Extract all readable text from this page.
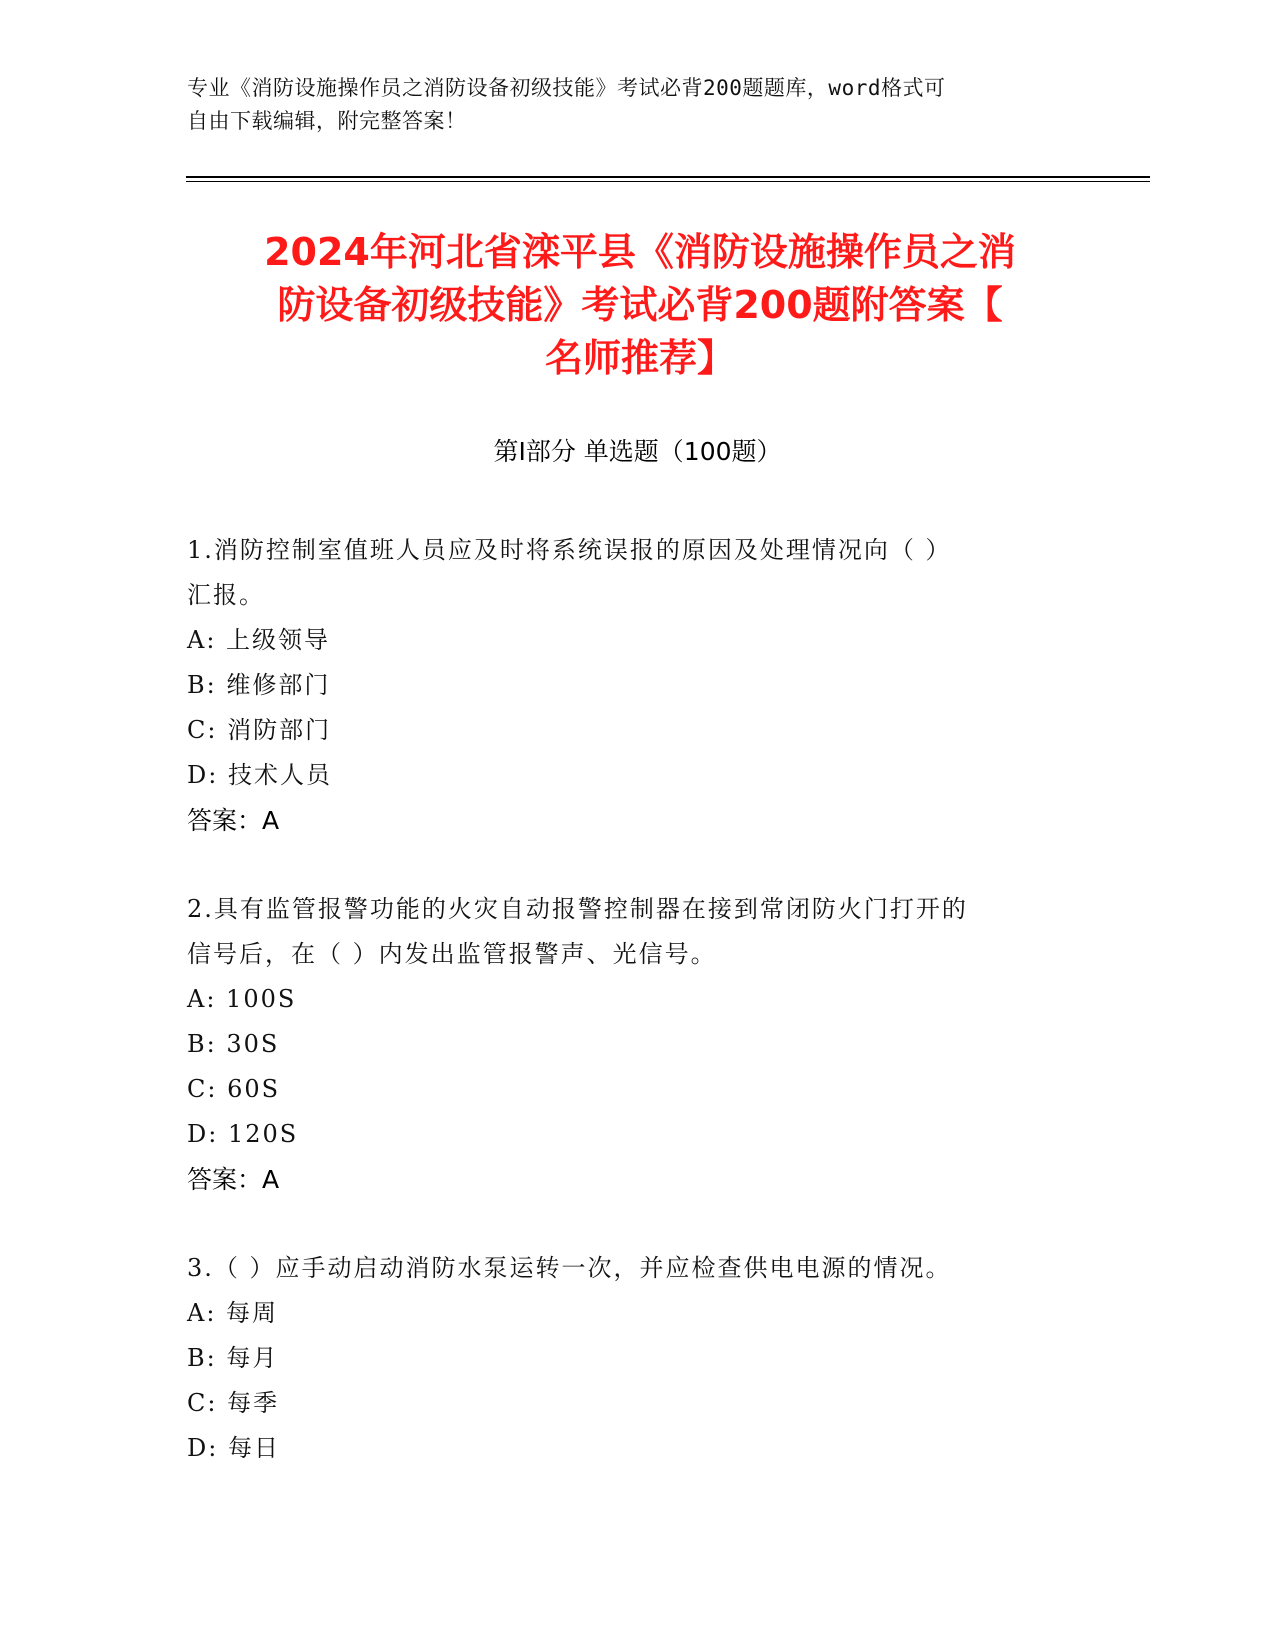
专业《消防设施操作员之消防设备初级技能》考试必背200题题库，word格式可
自由下载编辑，附完整答案！
2024年河北省滦平县《消防设施操作员之消
防设备初级技能》考试必背200题附答案【
名师推荐】
第Ⅰ部分 单选题（100题）
1.消防控制室值班人员应及时将系统误报的原因及处理情况向（ ）
汇报。
A: 上级领导
B: 维修部门
C: 消防部门
D: 技术人员
答案：A
2.具有监管报警功能的火灾自动报警控制器在接到常闭防火门打开的
信号后，在（ ）内发出监管报警声、光信号。
A: 100S
B: 30S
C: 60S
D: 120S
答案：A
3.（ ）应手动启动消防水泵运转一次，并应检查供电电源的情况。
A: 每周
B: 每月
C: 每季
D: 每日
